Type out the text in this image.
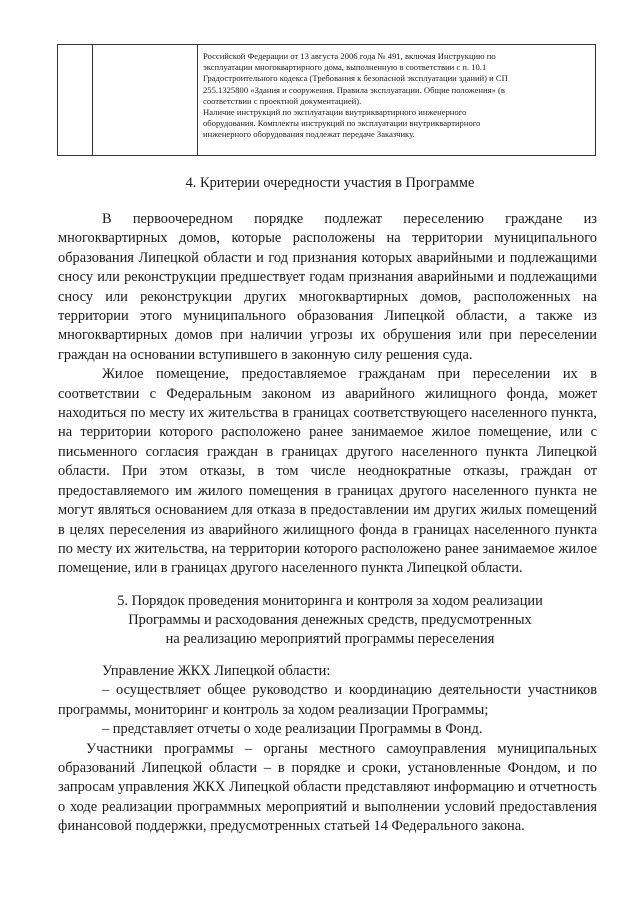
Российской Федерации от 13 августа 2006 года № 491, включая Инструкцию по

эксплуатации многоквартирного дома, выполненную в соответствии с п. 10.1

Градостроительного кодекса (Требования к безопасной эксплуатации зданий) и СП

255.1325800 «Здания и сооружения. Правила эксплуатации. Общие положения» (в

соответствии с проектной документацией).

Наличие инструкций по эксплуатации внутриквартирного инженерного

оборудования. Комплекты инструкций по эксплуатации внутриквартирного

инженерного оборудования подлежат передаче Заказчику.

4. Критерии очередности участия в Программе

В первоочередном порядке подлежат переселению граждане из многоквартирных домов, которые расположены на территории муниципального образования Липецкой области и год признания которых аварийными и подлежащими сносу или реконструкции предшествует годам признания аварийными и подлежащими сносу или реконструкции других многоквартирных домов, расположенных на территории этого муниципального образования Липецкой области, а также из многоквартирных домов при наличии угрозы их обрушения или при переселении граждан на основании вступившего в законную силу решения суда.

Жилое помещение, предоставляемое гражданам при переселении их в соответствии с Федеральным законом из аварийного жилищного фонда, может находиться по месту их жительства в границах соответствующего населенного пункта, на территории которого расположено ранее занимаемое жилое помещение, или с письменного согласия граждан в границах другого населенного пункта Липецкой области. При этом отказы, в том числе неоднократные отказы, граждан от предоставляемого им жилого помещения в границах другого населенного пункта не могут являться основанием для отказа в предоставлении им других жилых помещений в целях переселения из аварийного жилищного фонда в границах населенного пункта по месту их жительства, на территории которого расположено ранее занимаемое жилое помещение, или в границах другого населенного пункта Липецкой области.

5. Порядок проведения мониторинга и контроля за ходом реализации
Программы и расходования денежных средств, предусмотренных
на реализацию мероприятий программы переселения

Управление ЖКХ Липецкой области:

– осуществляет общее руководство и координацию деятельности участников программы, мониторинг и контроль за ходом реализации Программы;

– представляет отчеты о ходе реализации Программы в Фонд.

Участники программы – органы местного самоуправления муниципальных образований Липецкой области – в порядке и сроки, установленные Фондом, и по запросам управления ЖКХ Липецкой области представляют информацию и отчетность о ходе реализации программных мероприятий и выполнении условий предоставления финансовой поддержки, предусмотренных статьей 14 Федерального закона.
